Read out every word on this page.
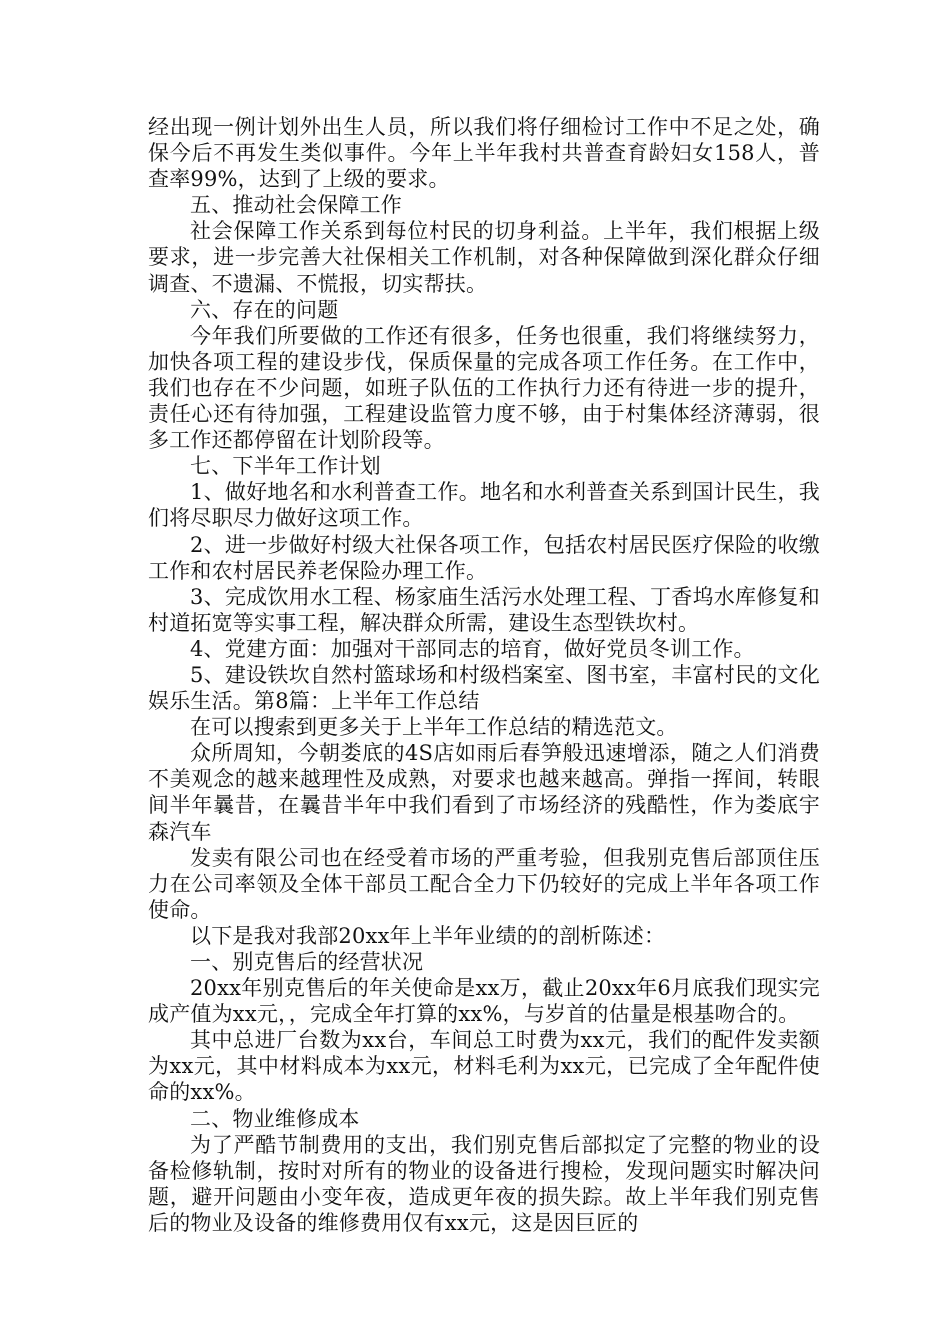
经出现一例计划外出生人员，所以我们将仔细检讨工作中不足之处，确保今后不再发生类似事件。今年上半年我村共普查育龄妇女158人，普查率99%，达到了上级的要求。

五、推动社会保障工作

社会保障工作关系到每位村民的切身利益。上半年，我们根据上级要求，进一步完善大社保相关工作机制，对各种保障做到深化群众仔细调查、不遗漏、不慌报，切实帮扶。

六、存在的问题

今年我们所要做的工作还有很多，任务也很重，我们将继续努力，加快各项工程的建设步伐，保质保量的完成各项工作任务。在工作中，我们也存在不少问题，如班子队伍的工作执行力还有待进一步的提升，责任心还有待加强，工程建设监管力度不够，由于村集体经济薄弱，很多工作还都停留在计划阶段等。

七、下半年工作计划

1、做好地名和水利普查工作。地名和水利普查关系到国计民生，我们将尽职尽力做好这项工作。

2、进一步做好村级大社保各项工作，包括农村居民医疗保险的收缴工作和农村居民养老保险办理工作。

3、完成饮用水工程、杨家庙生活污水处理工程、丁香坞水库修复和村道拓宽等实事工程，解决群众所需，建设生态型铁坎村。

4、党建方面：加强对干部同志的培育，做好党员冬训工作。

5、建设铁坎自然村篮球场和村级档案室、图书室，丰富村民的文化娱乐生活。第8篇：上半年工作总结

在可以搜索到更多关于上半年工作总结的精选范文。

众所周知，今朝娄底的4S店如雨后春笋般迅速增添，随之人们消费不美观念的越来越理性及成熟，对要求也越来越高。弹指一挥间，转眼间半年曩昔，在曩昔半年中我们看到了市场经济的残酷性，作为娄底宇森汽车

发卖有限公司也在经受着市场的严重考验，但我别克售后部顶住压力在公司率领及全体干部员工配合全力下仍较好的完成上半年各项工作使命。

以下是我对我部20xx年上半年业绩的的剖析陈述：

一、别克售后的经营状况

20xx年别克售后的年关使命是xx万，截止20xx年6月底我们现实完成产值为xx元，，完成全年打算的xx%，与岁首的估量是根基吻合的。

其中总进厂台数为xx台，车间总工时费为xx元，我们的配件发卖额为xx元，其中材料成本为xx元，材料毛利为xx元，已完成了全年配件使命的xx%。

二、物业维修成本

为了严酷节制费用的支出，我们别克售后部拟定了完整的物业的设备检修轨制，按时对所有的物业的设备进行搜检，发现问题实时解决问题，避开问题由小变年夜，造成更年夜的损失踪。故上半年我们别克售后的物业及设备的维修费用仅有xx元，这是因巨匠的
